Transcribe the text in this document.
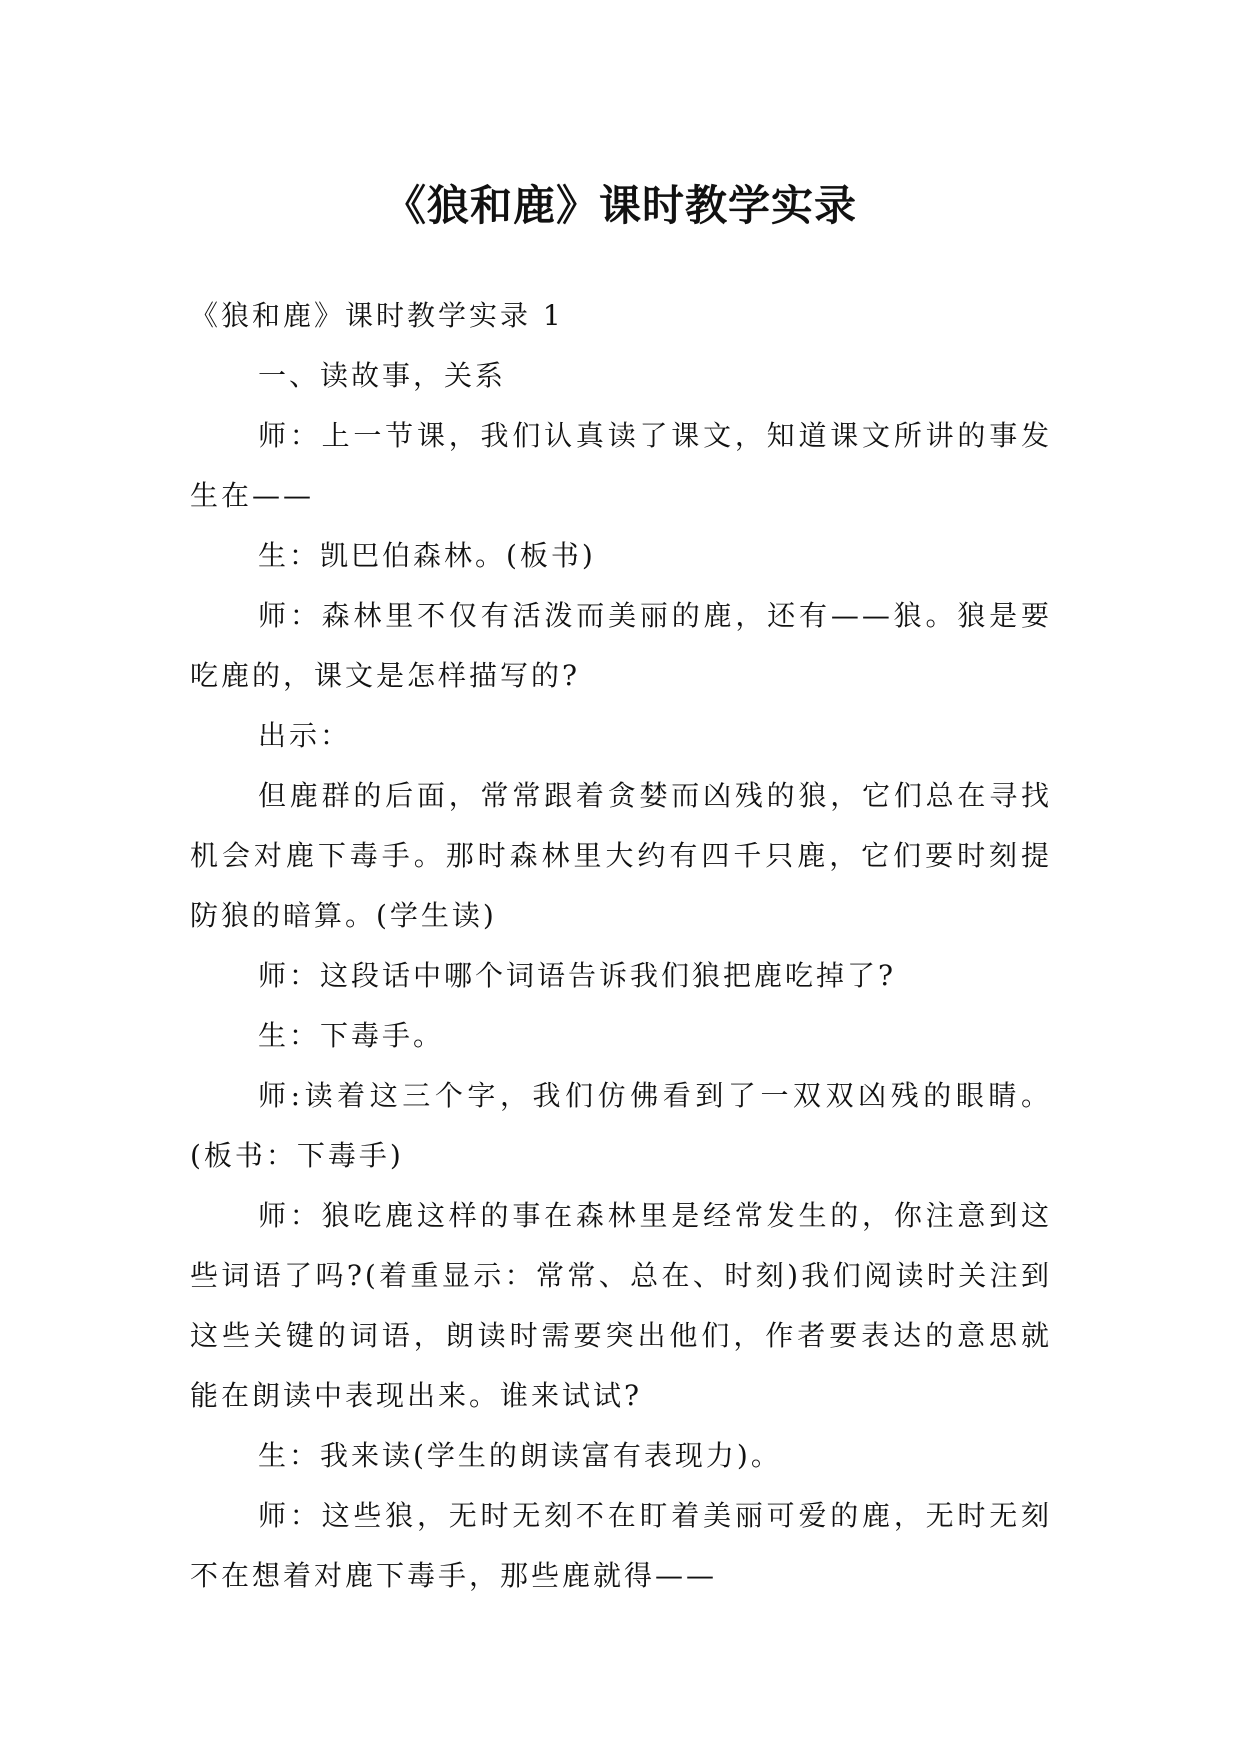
《狼和鹿》课时教学实录

《狼和鹿》课时教学实录 1

一、读故事，关系

师：上一节课，我们认真读了课文，知道课文所讲的事发生在——

生：凯巴伯森林。(板书)

师：森林里不仅有活泼而美丽的鹿，还有——狼。狼是要吃鹿的，课文是怎样描写的?

出示：

但鹿群的后面，常常跟着贪婪而凶残的狼，它们总在寻找机会对鹿下毒手。那时森林里大约有四千只鹿，它们要时刻提防狼的暗算。(学生读)

师：这段话中哪个词语告诉我们狼把鹿吃掉了?

生：下毒手。

师:读着这三个字，我们仿佛看到了一双双凶残的眼睛。(板书：下毒手)

师：狼吃鹿这样的事在森林里是经常发生的，你注意到这些词语了吗?(着重显示：常常、总在、时刻)我们阅读时关注到这些关键的词语，朗读时需要突出他们，作者要表达的意思就能在朗读中表现出来。谁来试试?

生：我来读(学生的朗读富有表现力)。

师：这些狼，无时无刻不在盯着美丽可爱的鹿，无时无刻不在想着对鹿下毒手，那些鹿就得——
